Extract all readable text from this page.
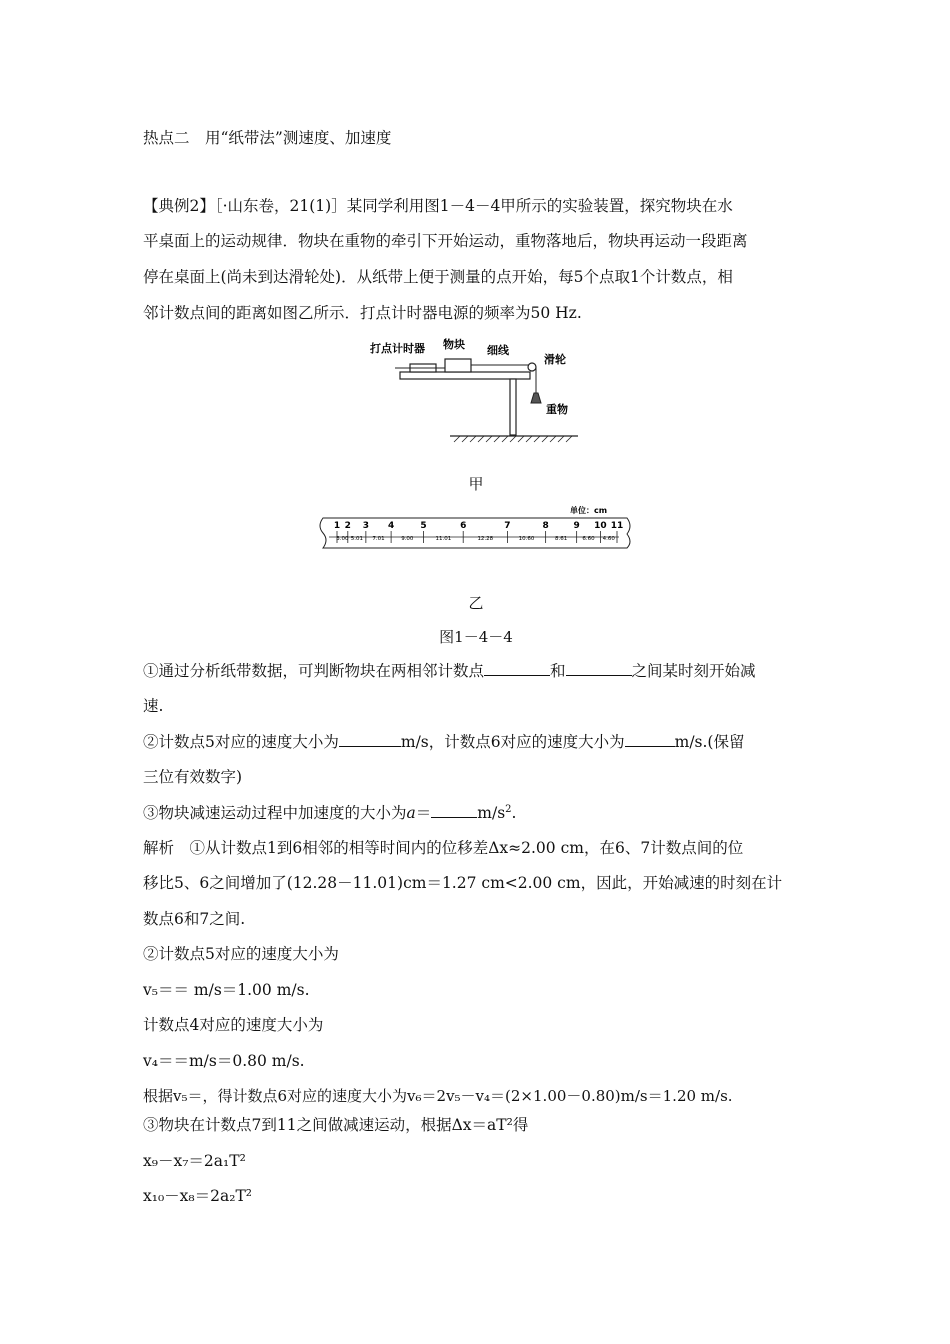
热点二　用“纸带法”测速度、加速度
【典例2】［·山东卷，21(1)］某同学利用图1－4－4甲所示的实验装置，探究物块在水
平桌面上的运动规律．物块在重物的牵引下开始运动，重物落地后，物块再运动一段距离
停在桌面上(尚未到达滑轮处)．从纸带上便于测量的点开始，每5个点取1个计数点，相
邻计数点间的距离如图乙所示．打点计时器电源的频率为50 Hz.
打点计时器 物块 细线
滑轮
重物
甲
单位：cm
1 2 3 4	5	6	7	8	9 10 11
3.00 5.01 7.01	9.00	11.01	12.28	10.60	8.61	6.60 4.60
乙
图1－4－4
①通过分析纸带数据，可判断物块在两相邻计数点	和	之间某时刻开始减
速.
②计数点5对应的速度大小为	m/s，计数点6对应的速度大小为	m/s.(保留
三位有效数字)
③物块减速运动过程中加速度的大小为a＝	$m/s^2$.
解析　①从计数点1到6相邻的相等时间内的位移差Δx≈2.00 cm，在6、7计数点间的位
移比5、6之间增加了(12.28－11.01)cm＝1.27 cm<2.00 cm，因此，开始减速的时刻在计
数点6和7之间.
②计数点5对应的速度大小为
v₅＝＝ m/s＝1.00 m/s.
计数点4对应的速度大小为
v₄＝＝m/s＝0.80 m/s.
根据v₅＝，得计数点6对应的速度大小为v₆＝2v₅－v₄＝(2×1.00－0.80)m/s＝1.20 m/s.
③物块在计数点7到11之间做减速运动，根据Δx＝aT²得
x₉－x₇＝2a₁T²
x₁₀－x₈＝2a₂T²
